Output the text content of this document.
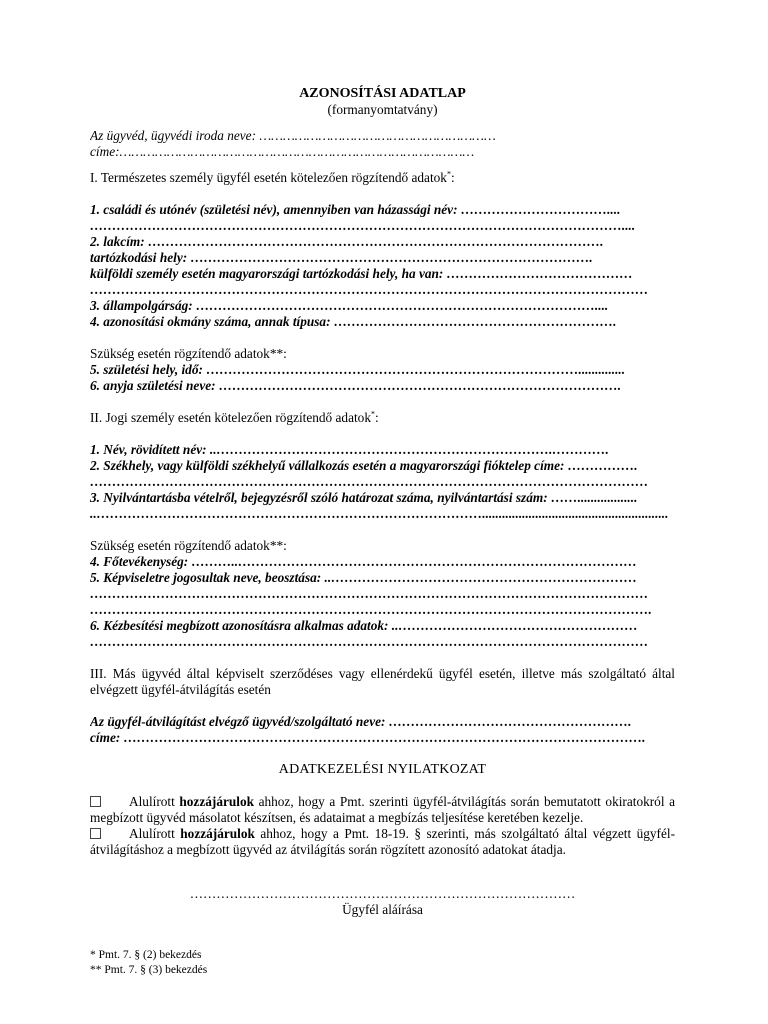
AZONOSÍTÁSI ADATLAP
(formanyomtatvány)
Az ügyvéd, ügyvédi iroda neve: ……………………………………………………
címe:………………………………………………………………………………
I. Természetes személy ügyfél esetén kötelezően rögzítendő adatok*:
1. családi és utónév (születési név), amennyiben van házassági név: ……………………………....
…………………………………………………………………………………………………………....
2. lakcím: ………………………………………………………………………………………….
tartózkodási hely: ……………………………………………………………………………….
külföldi személy esetén magyarországi tartózkodási hely, ha van: ……………………………………
………………………………………………………………………………………………………………
3. állampolgárság: ………………………………………………………………………………....
4. azonosítási okmány száma, annak típusa: ……………………………………………………….
Szükség esetén rögzítendő adatok**:
5. születési hely, idő: …………………………………………………………………………..............
6. anyja születési neve: ……………………………………………………………………………….
II. Jogi személy esetén kötelezően rögzítendő adatok*:
1. Név, rövidített név: ..………………………………………………………………….………….
2. Székhely, vagy külföldi székhelyű vállalkozás esetén a magyarországi fióktelep címe: …………….
………………………………………………………………………………………………………………
3. Nyilvántartásba vételről, bejegyzésről szóló határozat száma, nyilvántartási szám: ……..................
..……………………………………………………………………………........................................................
Szükség esetén rögzítendő adatok**:
4. Főtevékenység: ………..………………………………………………………………………………
5. Képviseletre jogosultak neve, beosztása: ..……………………………………………………………
………………………………………………………………………………………………………………
……………………………………………………………………………………………………………….
6. Kézbesítési megbízott azonosításra alkalmas adatok: ..………………………………………………
………………………………………………………………………………………………………………
III. Más ügyvéd által képviselt szerződéses vagy ellenérdekű ügyfél esetén, illetve más szolgáltató által elvégzett ügyfél-átvilágítás esetén
Az ügyfél-átvilágítást elvégző ügyvéd/szolgáltató neve: ……………………………………………….
címe: ……………………………………………………………………………………………………….
ADATKEZELÉSI NYILATKOZAT
Alulírott hozzájárulok ahhoz, hogy a Pmt. szerinti ügyfél-átvilágítás során bemutatott okiratokról a megbízott ügyvéd másolatot készítsen, és adataimat a megbízás teljesítése keretében kezelje.
Alulírott hozzájárulok ahhoz, hogy a Pmt. 18-19. § szerinti, más szolgáltató által végzett ügyfél-átvilágításhoz a megbízott ügyvéd az átvilágítás során rögzített azonosító adatokat átadja.
……………………………………………………………………………
Ügyfél aláírása
* Pmt. 7. § (2) bekezdés
** Pmt. 7. § (3) bekezdés
